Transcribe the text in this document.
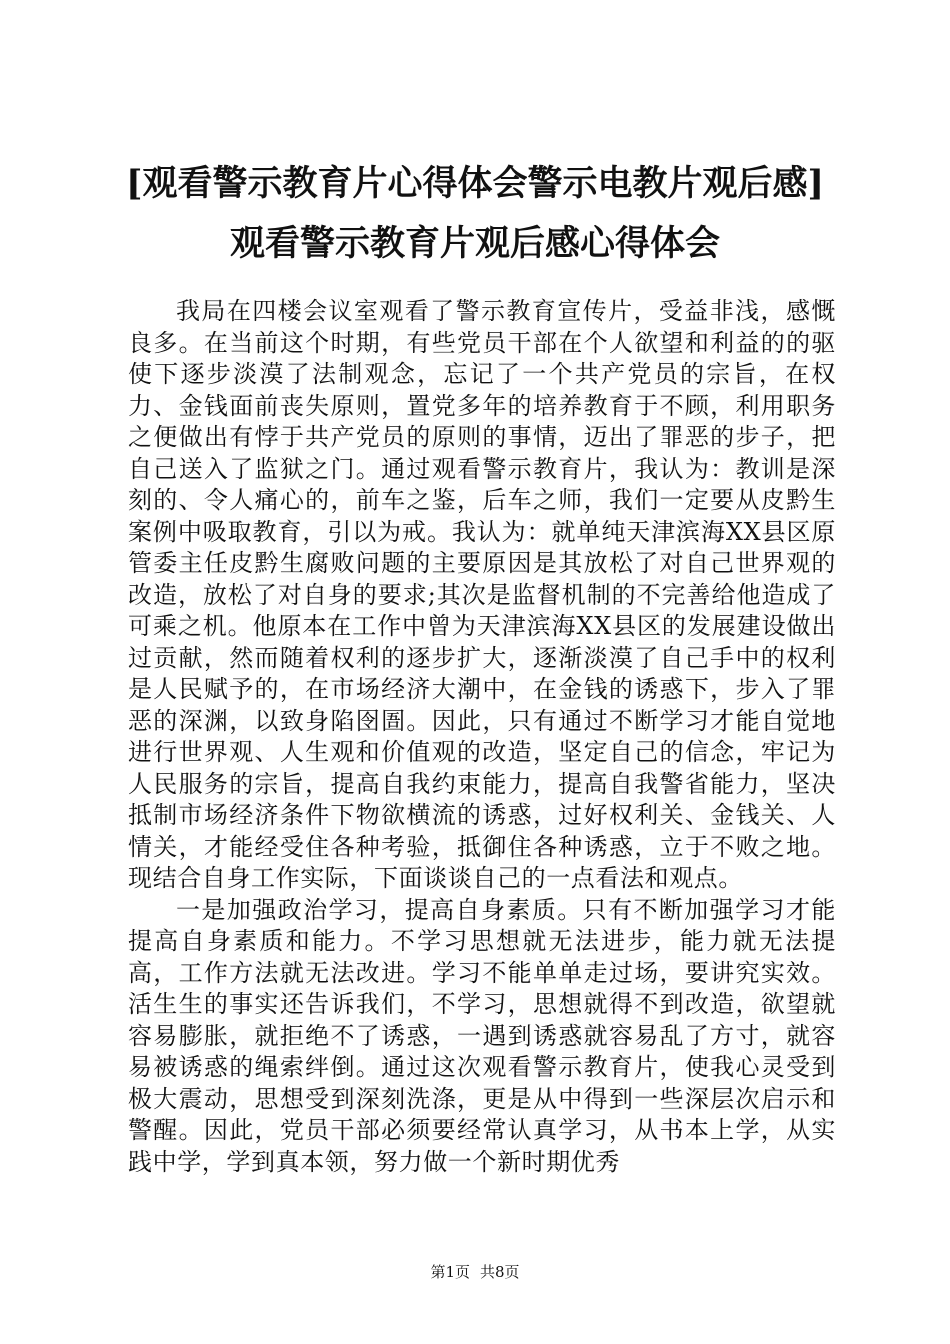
[观看警示教育片心得体会警示电教片观后感]
观看警示教育片观后感心得体会

我局在四楼会议室观看了警示教育宣传片，受益非浅，感慨良多。在当前这个时期，有些党员干部在个人欲望和利益的的驱使下逐步淡漠了法制观念，忘记了一个共产党员的宗旨，在权力、金钱面前丧失原则，置党多年的培养教育于不顾，利用职务之便做出有悖于共产党员的原则的事情，迈出了罪恶的步子，把自己送入了监狱之门。通过观看警示教育片，我认为：教训是深刻的、令人痛心的，前车之鉴，后车之师，我们一定要从皮黔生案例中吸取教育，引以为戒。我认为：就单纯天津滨海XX县区原管委主任皮黔生腐败问题的主要原因是其放松了对自己世界观的改造，放松了对自身的要求;其次是监督机制的不完善给他造成了可乘之机。他原本在工作中曾为天津滨海XX县区的发展建设做出过贡献，然而随着权利的逐步扩大，逐渐淡漠了自己手中的权利是人民赋予的，在市场经济大潮中，在金钱的诱惑下，步入了罪恶的深渊，以致身陷囹圄。因此，只有通过不断学习才能自觉地进行世界观、人生观和价值观的改造，坚定自己的信念，牢记为人民服务的宗旨，提高自我约束能力，提高自我警省能力，坚决抵制市场经济条件下物欲横流的诱惑，过好权利关、金钱关、人情关，才能经受住各种考验，抵御住各种诱惑，立于不败之地。现结合自身工作实际，下面谈谈自己的一点看法和观点。

一是加强政治学习，提高自身素质。只有不断加强学习才能提高自身素质和能力。不学习思想就无法进步，能力就无法提高，工作方法就无法改进。学习不能单单走过场，要讲究实效。活生生的事实还告诉我们，不学习，思想就得不到改造，欲望就容易膨胀，就拒绝不了诱惑，一遇到诱惑就容易乱了方寸，就容易被诱惑的绳索绊倒。通过这次观看警示教育片，使我心灵受到极大震动，思想受到深刻洗涤，更是从中得到一些深层次启示和警醒。因此，党员干部必须要经常认真学习，从书本上学，从实践中学，学到真本领，努力做一个新时期优秀

第1页 共8页
